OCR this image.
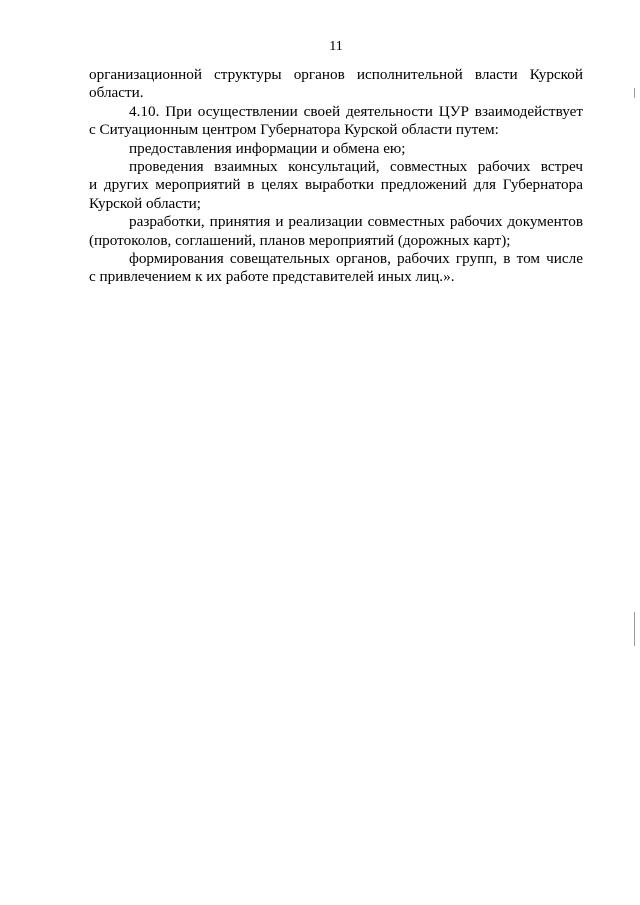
11
организационной структуры органов исполнительной власти Курской
области.
4.10. При осуществлении своей деятельности ЦУР взаимодействует
с Ситуационным центром Губернатора Курской области путем:
предоставления информации и обмена ею;
проведения взаимных консультаций, совместных рабочих встреч
и других мероприятий в целях выработки предложений для Губернатора
Курской области;
разработки, принятия и реализации совместных рабочих документов
(протоколов, соглашений, планов мероприятий (дорожных карт);
формирования совещательных органов, рабочих групп, в том числе
с привлечением к их работе представителей иных лиц.».
